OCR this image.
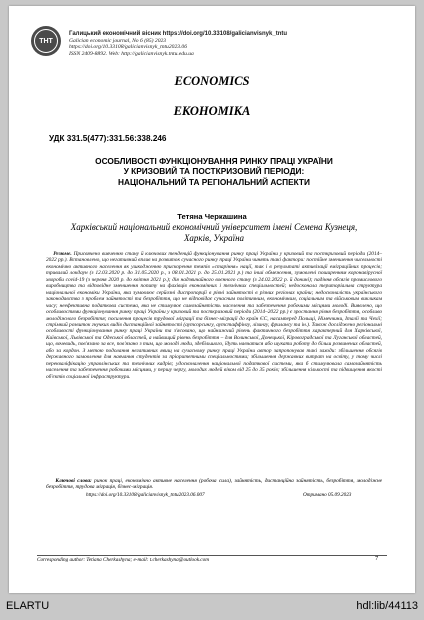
ТНТ
Галицький економічний вісник https://doi.org/10.33108/galicianvisnyk_tntu
Galician economic journal, No 6 (85) 2023
https://doi.org/10.33108/galicianvisnyk_tntu2023.06
ISSN 2409-8892. Web: http://galicianvisnyk.tntu.edu.ua
ECONOMICS
ЕКОНОМІКА
УДК 331.5(477):331.56:338.246
ОСОБЛИВОСТІ ФУНКЦІОНУВАННЯ РИНКУ ПРАЦІ УКРАЇНИ
У КРИЗОВИЙ ТА ПОСТКРИЗОВИЙ ПЕРІОДИ:
НАЦІОНАЛЬНИЙ ТА РЕГІОНАЛЬНИЙ АСПЕКТИ
Тетяна Черкашина
Харківський національний економічний університет імені Семена Кузнеця,
Харків, Україна
Резюме. Присвячено вивченню стану й ключових тенденцій функціонування ринку праці України у кризовий та посткризовий періоди (2014–2022 рр.). Встановлено, що негативний вплив на розвиток сучасного ринку праці України чинять такі фактори: постійне зменшення чисельності економічно активного населення як ушкодженню прискорення темпів «старіння» нації, так і в результаті активізації еміграційних процесів; тривалий локдаун (з 12.03.2020 р. до 31.05.2020 р., з 08.01.2021 р. до 25.01.2021 р.) та інші обмеження, зумовлені поширенням коронавірусної хвороби covid-19 (з червня 2020 р. до квітня 2021 р.); дія надзвичайного воєнного стану (з 24.02.2022 р. й донині); падіння обсягів промислового виробництва та відповідне зменшення попиту на фахівців економічних і технічних спеціальностей; недосконала територіальна структура національної економіки України, яка зумовлює серйозні диспропорції в рівні зайнятості в різних регіонах країни; недосконалість українського законодавства з проблем зайнятості та безробіття, що не відповідає сучасним політичним, економічним, соціальним та військовим викликам часу; неефективна податкова система, яка не стимулює самозайнятість населення та забезпечення робочими місцями молоді. Виявлено, що особливостями функціонування ринку праці України у кризовий та посткризовий періоди (2014–2022 рр.) є зростання рівня безробіття, особливо молодіжного безробіття; посилення процесів трудової міграції та бізнес-міграції до країн ЄС, насамперед Польщі, Німеччини, Італії та Чехії; стрімкий розвиток гнучких видів дистанційної зайнятості (аутсорсингу, аутстаффінгу, лізингу, фрилансу та ін.). Також досліджено регіональні особливості функціонування ринку праці України та з'ясовано, що найнижчий рівень фактичного безробіття характерний для Харківської, Київської, Львівської та Одеської областей, а найвищий рівень безробіття – для Волинської, Донецької, Кіровоградської та Луганської областей, що, вочевидь, пов'язано за все, пов'язано з тим, що молоді люди, здебільшого, їдуть навчатися або шукати роботу до більш розвинених областей, або за кордон. З метою подолання негативних явищ на сучасному ринку праці України автор запропонував такі заходи: збільшення обсягів державного замовлення для навчання студентів за пріоритетними спеціальностями; збільшення державних витрат на освіту, у тому числі перекваліфікацію управлінських та технічних кадрів; удосконалення національної податкової системи, яка б стимулювала самозайнятість населення та забезпечення робочими місцями, у першу чергу, молодих людей віком від 25 до 35 років; збільшення кількості та підвищення якості об'єктів соціальної інфраструктури.
Ключові слова: ринок праці, економічно активне населення (робоча сила), зайнятість, дистанційна зайнятість, безробіття, молодіжне безробіття, трудова міграція, бізнес-міграція.
https://doi.org/10.33108/galicianvisnyk_tntu2023.06.007	Отримано 05.09.2023
Corresponding author: Tetiana Cherkashyna; e-mail: t.cherkashyna@outlook.com	7
ELARTU	hdl:lib/44113
